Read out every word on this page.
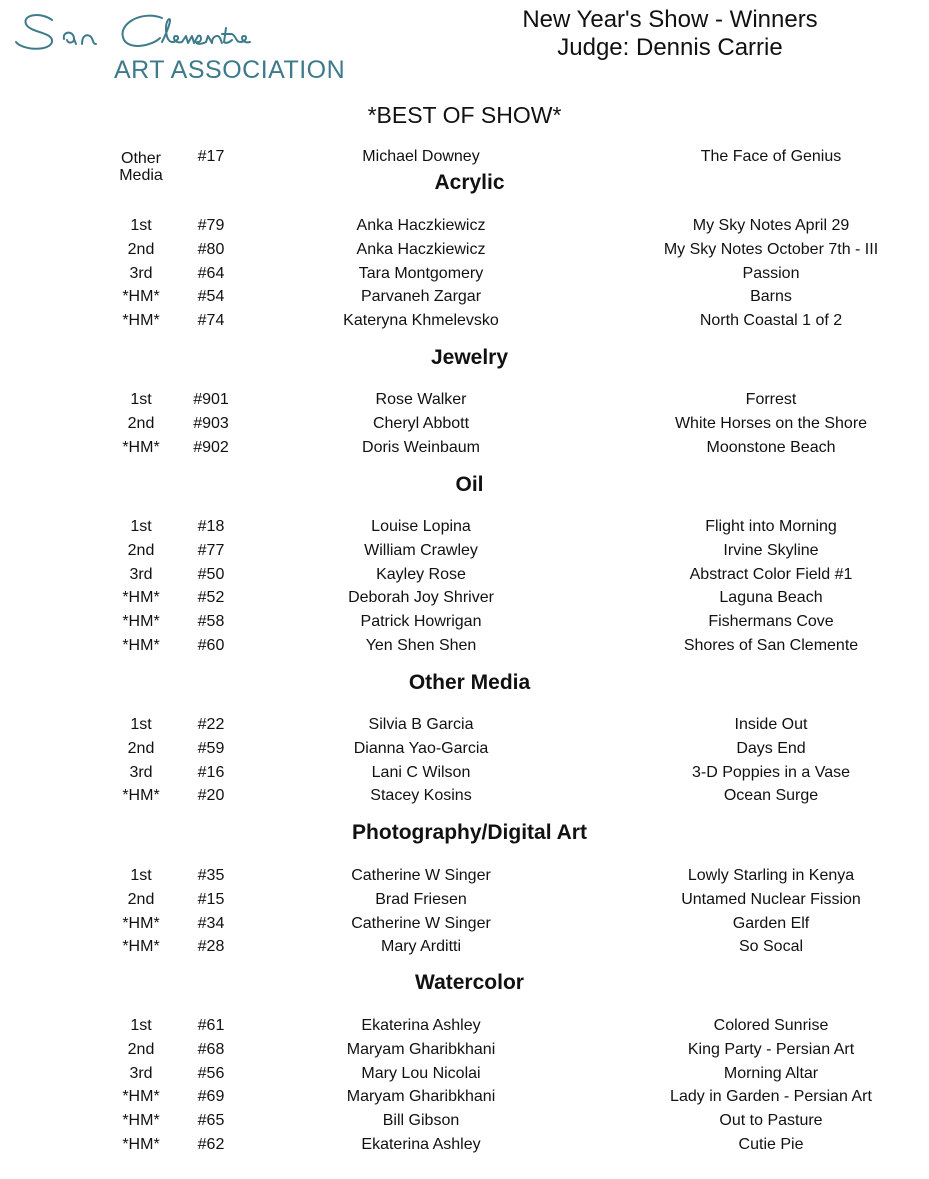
ART ASSOCIATION
New Year's Show - Winners
Judge: Dennis Carrie
*BEST OF SHOW*
Other
Media
#17	Michael Downey	The Face of Genius
Acrylic
1st	#79	Anka Haczkiewicz	My Sky Notes April 29
2nd	#80	Anka Haczkiewicz	My Sky Notes October 7th - III
3rd	#64	Tara Montgomery	Passion
*HM* #54	Parvaneh Zargar	Barns
*HM* #74	Kateryna Khmelevsko	North Coastal 1 of 2
Jewelry
1st	#901	Rose Walker	Forrest
2nd #903	Cheryl Abbott	White Horses on the Shore
*HM* #902	Doris Weinbaum	Moonstone Beach
Oil
1st	#18	Louise Lopina	Flight into Morning
2nd	#77	William Crawley	Irvine Skyline
3rd	#50	Kayley Rose	Abstract Color Field #1
*HM* #52	Deborah Joy Shriver	Laguna Beach
*HM* #58	Patrick Howrigan	Fishermans Cove
*HM* #60	Yen Shen Shen	Shores of San Clemente
Other Media
1st	#22	Silvia B Garcia	Inside Out
2nd	#59	Dianna Yao-Garcia	Days End
3rd	#16	Lani C Wilson	3-D Poppies in a Vase
*HM* #20	Stacey Kosins	Ocean Surge
Photography/Digital Art
1st	#35	Catherine W Singer	Lowly Starling in Kenya
2nd	#15	Brad Friesen	Untamed Nuclear Fission
*HM* #34	Catherine W Singer	Garden Elf
*HM* #28	Mary Arditti	So Socal
Watercolor
1st	#61	Ekaterina Ashley	Colored Sunrise
2nd	#68	Maryam Gharibkhani	King Party - Persian Art
3rd	#56	Mary Lou Nicolai	Morning Altar
*HM* #69	Maryam Gharibkhani	Lady in Garden - Persian Art
*HM* #65	Bill Gibson	Out to Pasture
*HM* #62	Ekaterina Ashley	Cutie Pie
